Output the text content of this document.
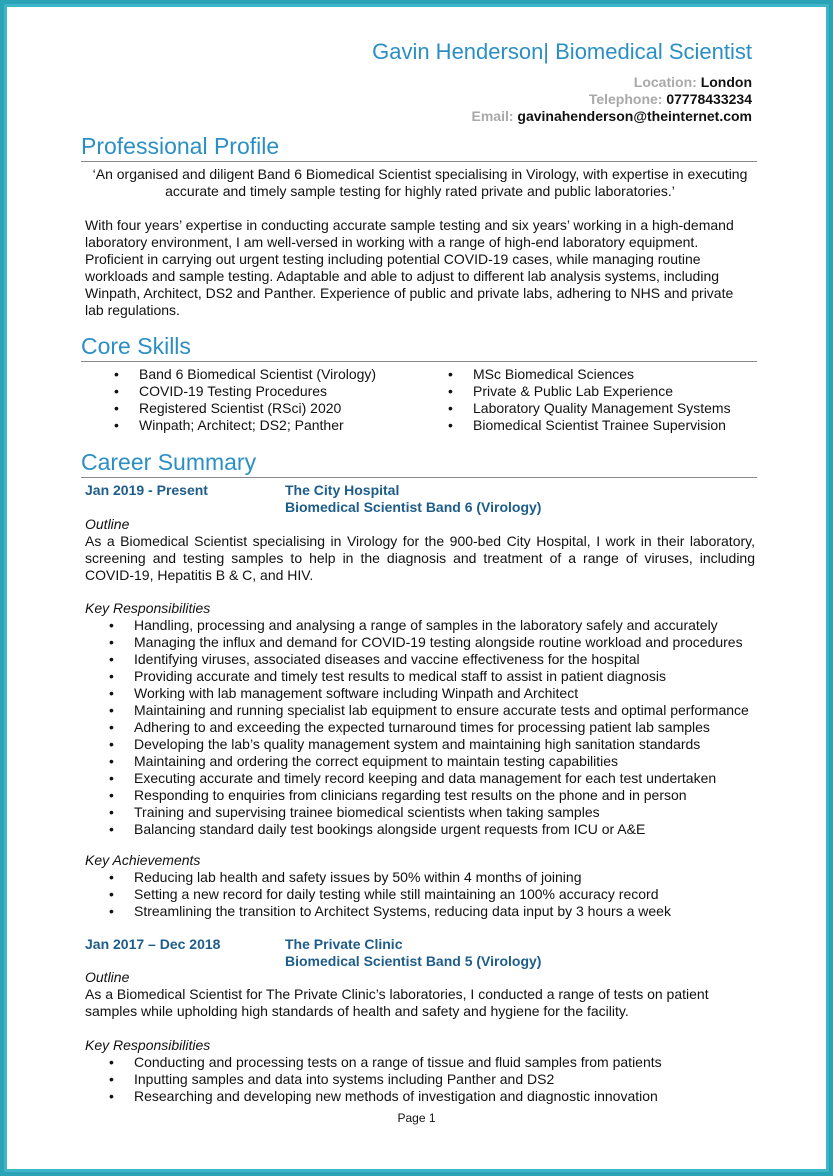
Gavin Henderson| Biomedical Scientist
Location: London
Telephone: 07778433234
Email: gavinahenderson@theinternet.com
Professional Profile
‘An organised and diligent Band 6 Biomedical Scientist specialising in Virology, with expertise in executing accurate and timely sample testing for highly rated private and public laboratories.’
With four years’ expertise in conducting accurate sample testing and six years’ working in a high-demand laboratory environment, I am well-versed in working with a range of high-end laboratory equipment. Proficient in carrying out urgent testing including potential COVID-19 cases, while managing routine workloads and sample testing. Adaptable and able to adjust to different lab analysis systems, including Winpath, Architect, DS2 and Panther. Experience of public and private labs, adhering to NHS and private lab regulations.
Core Skills
• Band 6 Biomedical Scientist (Virology)
• COVID-19 Testing Procedures
• Registered Scientist (RSci) 2020
• Winpath; Architect; DS2; Panther
• MSc Biomedical Sciences
• Private & Public Lab Experience
• Laboratory Quality Management Systems
• Biomedical Scientist Trainee Supervision
Career Summary
Jan 2019 - Present	The City Hospital
Biomedical Scientist Band 6 (Virology)
Outline
As a Biomedical Scientist specialising in Virology for the 900-bed City Hospital, I work in their laboratory, screening and testing samples to help in the diagnosis and treatment of a range of viruses, including COVID-19, Hepatitis B & C, and HIV.
Key Responsibilities
• Handling, processing and analysing a range of samples in the laboratory safely and accurately
• Managing the influx and demand for COVID-19 testing alongside routine workload and procedures
• Identifying viruses, associated diseases and vaccine effectiveness for the hospital
• Providing accurate and timely test results to medical staff to assist in patient diagnosis
• Working with lab management software including Winpath and Architect
• Maintaining and running specialist lab equipment to ensure accurate tests and optimal performance
• Adhering to and exceeding the expected turnaround times for processing patient lab samples
• Developing the lab’s quality management system and maintaining high sanitation standards
• Maintaining and ordering the correct equipment to maintain testing capabilities
• Executing accurate and timely record keeping and data management for each test undertaken
• Responding to enquiries from clinicians regarding test results on the phone and in person
• Training and supervising trainee biomedical scientists when taking samples
• Balancing standard daily test bookings alongside urgent requests from ICU or A&E
Key Achievements
• Reducing lab health and safety issues by 50% within 4 months of joining
• Setting a new record for daily testing while still maintaining an 100% accuracy record
• Streamlining the transition to Architect Systems, reducing data input by 3 hours a week
Jan 2017 – Dec 2018	The Private Clinic
Biomedical Scientist Band 5 (Virology)
Outline
As a Biomedical Scientist for The Private Clinic’s laboratories, I conducted a range of tests on patient samples while upholding high standards of health and safety and hygiene for the facility.
Key Responsibilities
• Conducting and processing tests on a range of tissue and fluid samples from patients
• Inputting samples and data into systems including Panther and DS2
• Researching and developing new methods of investigation and diagnostic innovation
Page 1
